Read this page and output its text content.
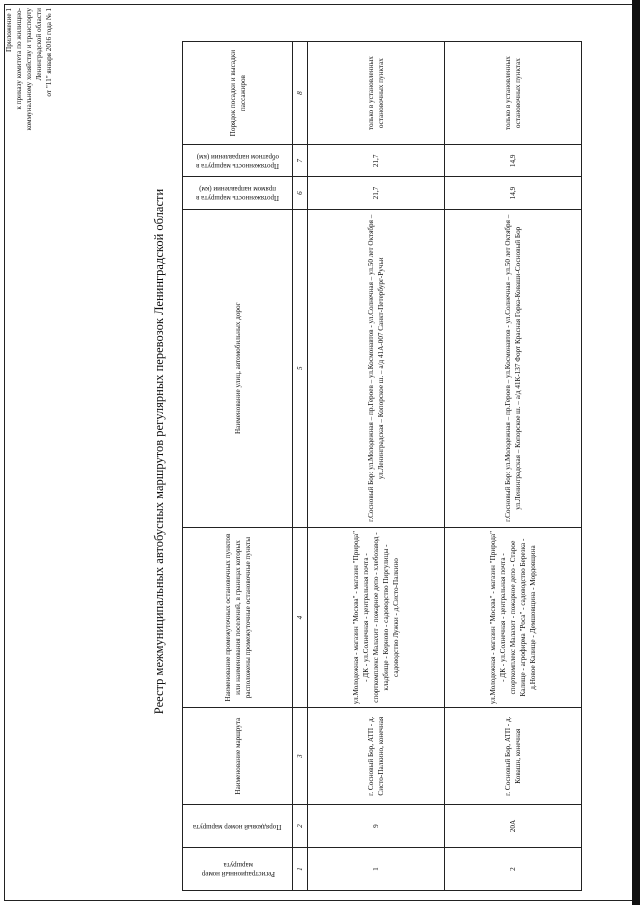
Приложение 1 к приказу комитета по жилищно- коммунальному хозяйству и транспорту Ленинградской области от "11" января 2016 года № 1
Реестр межмуниципальных автобусных маршрутов регулярных перевозок Ленинградской области
Регистрационный номер маршрута	Порядковый номер маршрута	Наименование маршрута	Наименование промежуточных остановочных пунктов или наименования поселений, в границах которых расположены промежуточные остановочные пункты	Наименование улиц, автомобильных дорог	Протяженность маршрута в прямом направлении (км)	Протяженность маршрута в обратном направлении (км)	Порядок посадки и высадки пассажиров
1	2	3	4	5	6	7	8
1	9	г. Сосновый Бор, АТП - д. Систо-Палкино, конечная	ул.Молодежная - магазин "Москва" - магазин "Природа" - ДК - ул.Солнечная - центральная почта - спорткомплекс Малахит - пожарное депо - хлебозавод - кладбище - Керново - садоводство Пиргулицы - садоводство Лужки - д.Систо-Палкино	г.Сосновый Бор: ул.Молодежная – пр.Героев – ул.Космонавтов - ул.Солнечная – ул.50 лет Октября – ул.Ленинградская – Копорское ш. – а/д 41А-007 Санкт-Петербург-Ручьи	21,7	21,7	только в установленных остановочных пунктах
2	20А	г. Сосновый Бор, АТП - д. Ковашн, конечная	ул.Молодежная - магазин "Москва" - магазин "Природа" - ДК - ул.Солнечная - центральная почта - спорткомплекс Малахит - пожарное депо - Старое Калище - агрофирма "Роса" - садоводство Березка - д.Новое Калище - Демшовщина - Мордовщина	г.Сосновый Бор: ул.Молодежная – пр.Героев – ул.Космонавтов - ул.Солнечная – ул.50 лет Октября – ул.Ленинградская – Копорское ш. – а/д 41К-137 Форт Красная Горка-Коваши-Сосновый Бор	14,9	14,9	только в установленных остановочных пунктах
